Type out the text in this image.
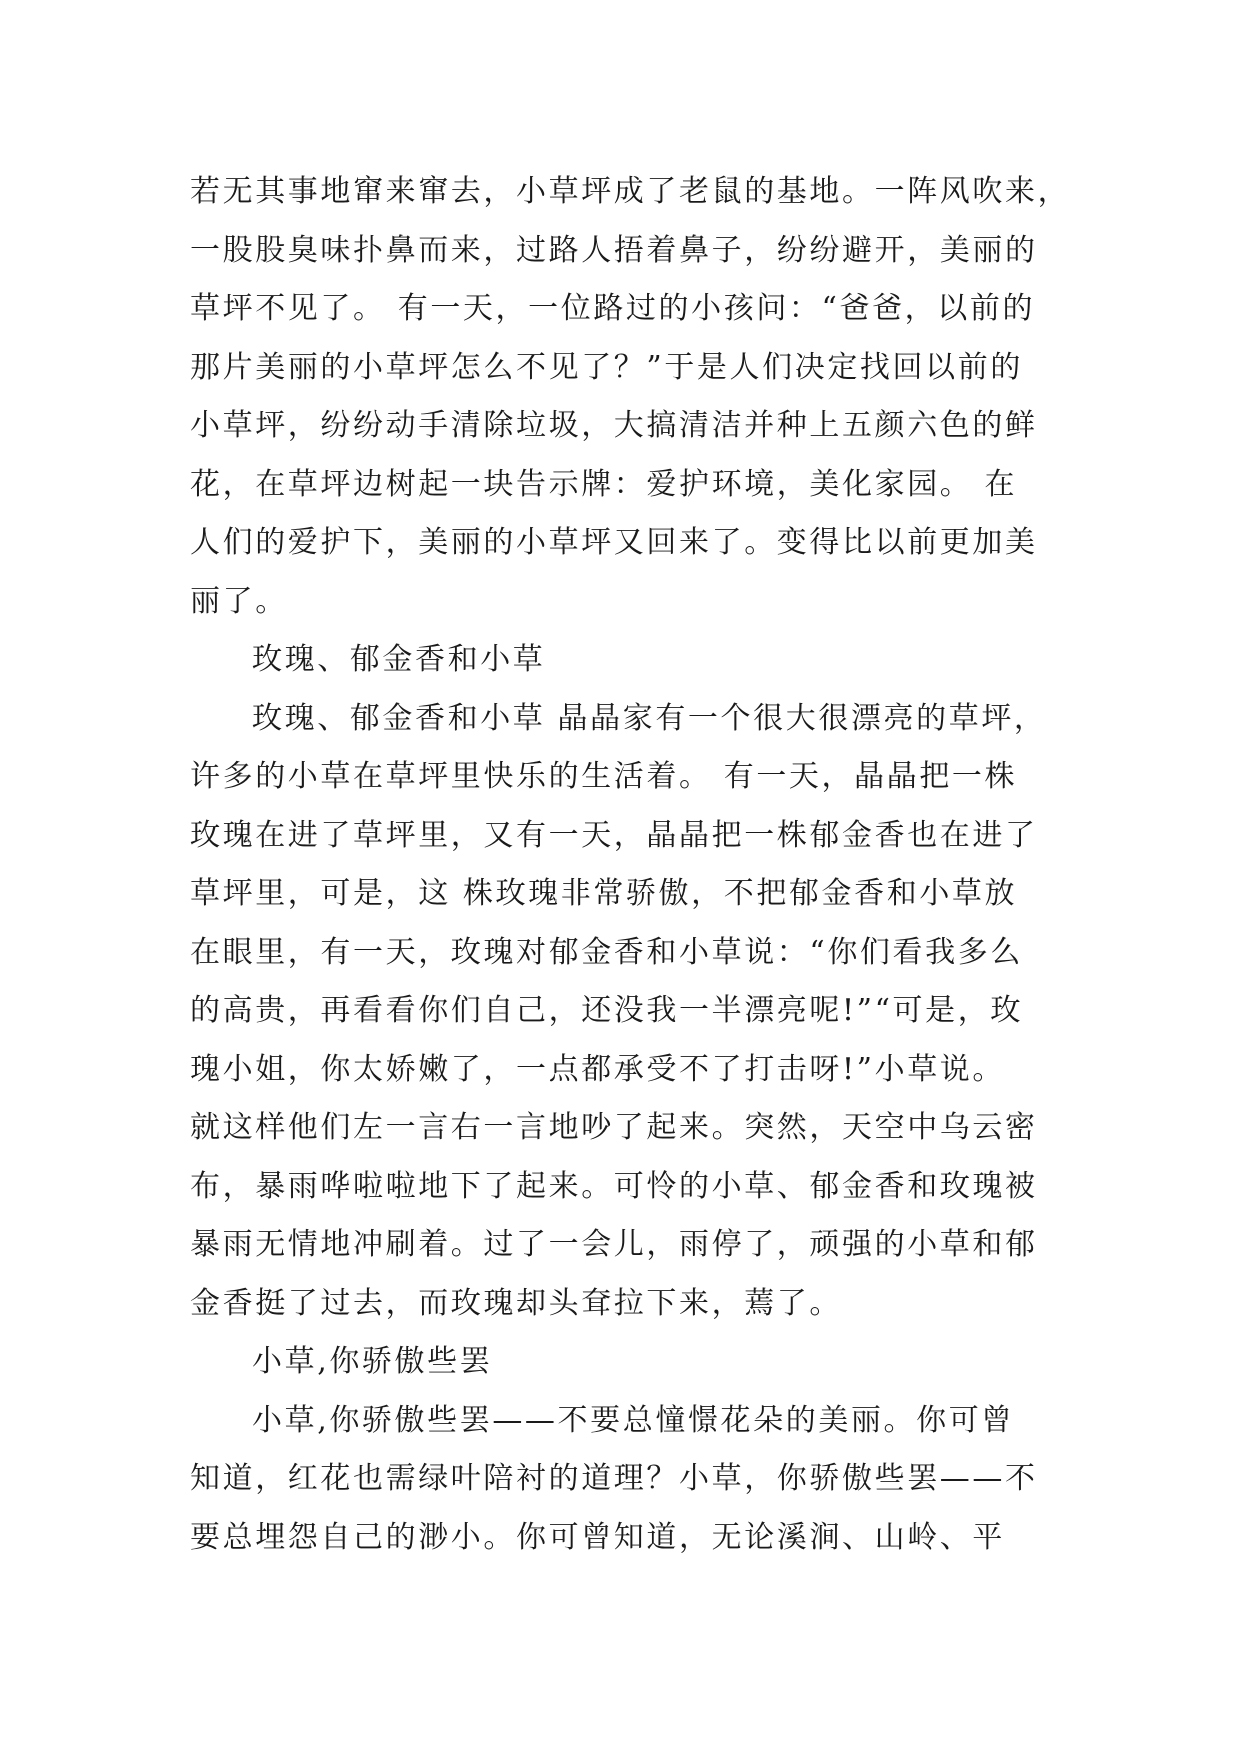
若无其事地窜来窜去，小草坪成了老鼠的基地。一阵风吹来，
一股股臭味扑鼻而来，过路人捂着鼻子，纷纷避开，美丽的
草坪不见了。 有一天，一位路过的小孩问：“爸爸，以前的
那片美丽的小草坪怎么不见了？”于是人们决定找回以前的
小草坪，纷纷动手清除垃圾，大搞清洁并种上五颜六色的鲜
花，在草坪边树起一块告示牌：爱护环境，美化家园。 在
人们的爱护下，美丽的小草坪又回来了。变得比以前更加美
丽了。
玫瑰、郁金香和小草
玫瑰、郁金香和小草 晶晶家有一个很大很漂亮的草坪，
许多的小草在草坪里快乐的生活着。 有一天，晶晶把一株
玫瑰在进了草坪里，又有一天，晶晶把一株郁金香也在进了
草坪里，可是，这 株玫瑰非常骄傲，不把郁金香和小草放
在眼里，有一天，玫瑰对郁金香和小草说：“你们看我多么
的高贵，再看看你们自己，还没我一半漂亮呢!”“可是，玫
瑰小姐，你太娇嫩了，一点都承受不了打击呀!”小草说。
就这样他们左一言右一言地吵了起来。突然，天空中乌云密
布，暴雨哗啦啦地下了起来。可怜的小草、郁金香和玫瑰被
暴雨无情地冲刷着。过了一会儿，雨停了，顽强的小草和郁
金香挺了过去，而玫瑰却头耷拉下来，蔫了。
小草,你骄傲些罢
小草,你骄傲些罢——不要总憧憬花朵的美丽。你可曾
知道，红花也需绿叶陪衬的道理？小草，你骄傲些罢——不
要总埋怨自己的渺小。你可曾知道，无论溪涧、山岭、平
